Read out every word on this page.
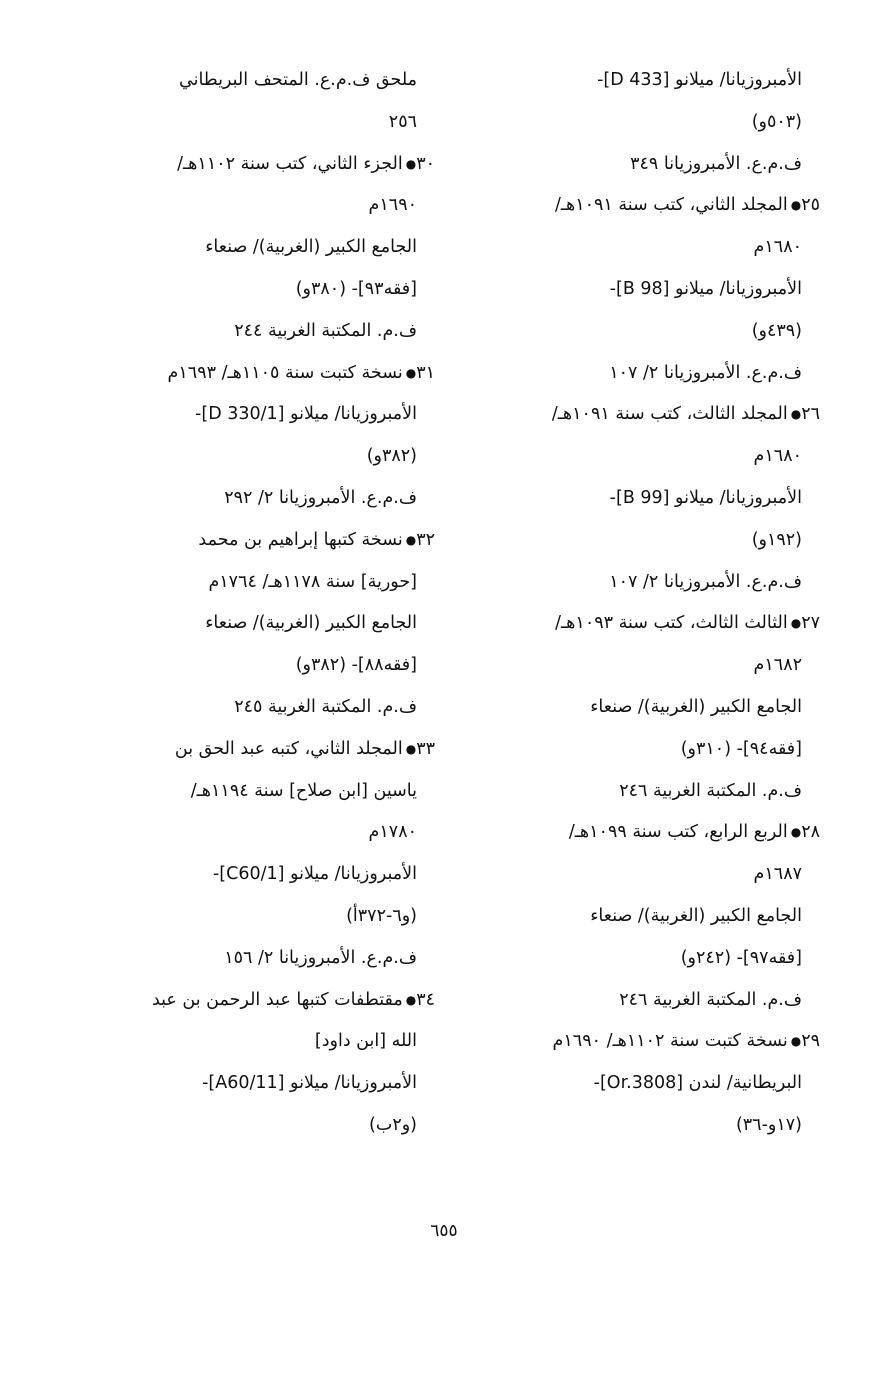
الأمبروزيانا/ ميلانو [D 433]-
(٥٠٣و)
ف.م.ع. الأمبروزيانا ٣٤٩
٢٥●المجلد الثاني، كتب سنة ١٠٩١هـ/
١٦٨٠م
الأمبروزيانا/ ميلانو [B 98]-
(٤٣٩و)
ف.م.ع. الأمبروزيانا ٢/ ١٠٧
٢٦●المجلد الثالث، كتب سنة ١٠٩١هـ/
١٦٨٠م
الأمبروزيانا/ ميلانو [B 99]-
(١٩٢و)
ف.م.ع. الأمبروزيانا ٢/ ١٠٧
٢٧●الثالث الثالث، كتب سنة ١٠٩٣هـ/
١٦٨٢م
الجامع الكبير (الغربية)/ صنعاء
[فقه٩٤]- (٣١٠و)
ف.م. المكتبة الغربية ٢٤٦
٢٨●الربع الرابع، كتب سنة ١٠٩٩هـ/
١٦٨٧م
الجامع الكبير (الغربية)/ صنعاء
[فقه٩٧]- (٢٤٢و)
ف.م. المكتبة الغربية ٢٤٦
٢٩●نسخة كتبت سنة ١١٠٢هـ/ ١٦٩٠م
البريطانية/ لندن [Or.3808]-
(١٧و-٣٦)
ملحق ف.م.ع. المتحف البريطاني
٢٥٦
٣٠●الجزء الثاني، كتب سنة ١١٠٢هـ/
١٦٩٠م
الجامع الكبير (الغربية)/ صنعاء
[فقه٩٣]- (٣٨٠و)
ف.م. المكتبة الغربية ٢٤٤
٣١●نسخة كتبت سنة ١١٠٥هـ/ ١٦٩٣م
الأمبروزيانا/ ميلانو [D 330/1]-
(٣٨٢و)
ف.م.ع. الأمبروزيانا ٢/ ٢٩٢
٣٢●نسخة كتبها إبراهيم بن محمد
[حورية] سنة ١١٧٨هـ/ ١٧٦٤م
الجامع الكبير (الغربية)/ صنعاء
[فقه٨٨]- (٣٨٢و)
ف.م. المكتبة الغربية ٢٤٥
٣٣●المجلد الثاني، كتبه عبد الحق بن
ياسين [ابن صلاح] سنة ١١٩٤هـ/
١٧٨٠م
الأمبروزيانا/ ميلانو [C60/1]-
(و٦-٣٧٢أ)
ف.م.ع. الأمبروزيانا ٢/ ١٥٦
٣٤●مقتطفات كتبها عبد الرحمن بن عبد
الله [ابن داود]
الأمبروزيانا/ ميلانو [A60/11]-
(و٢ب)
٦٥٥
